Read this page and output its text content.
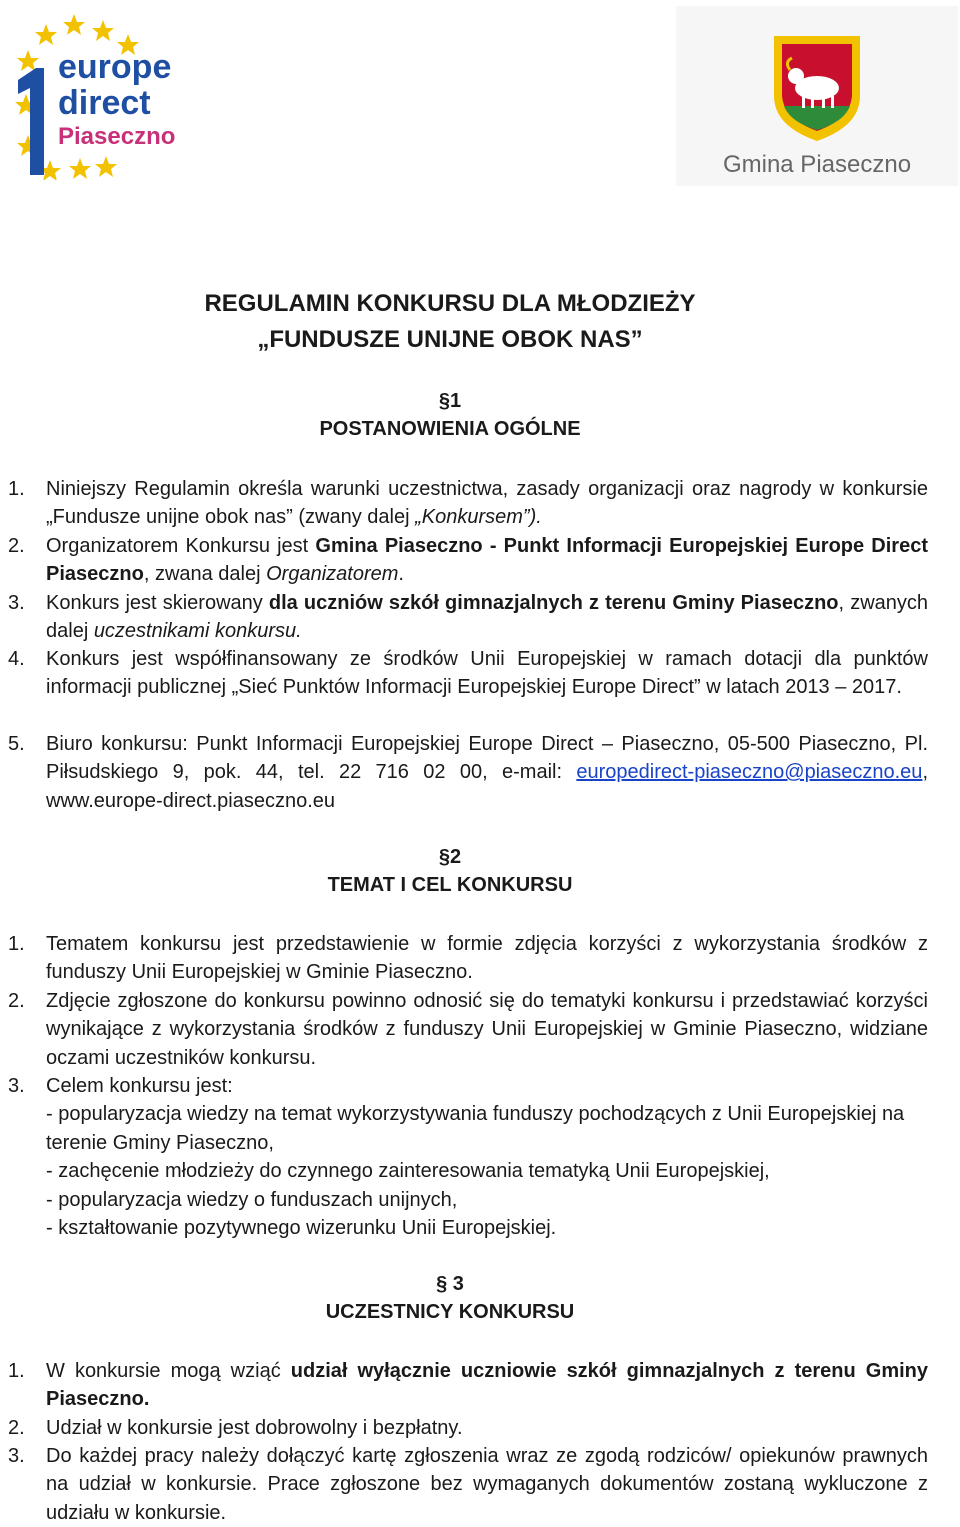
europe
direct
Piaseczno
Gmina Piaseczno
REGULAMIN KONKURSU DLA MŁODZIEŻY
„FUNDUSZE UNIJNE OBOK NAS”
§1
POSTANOWIENIA OGÓLNE
1.	Niniejszy Regulamin określa warunki uczestnictwa, zasady organizacji oraz nagrody w konkursie „Fundusze unijne obok nas” (zwany dalej „Konkursem”).
2.	Organizatorem Konkursu jest Gmina Piaseczno - Punkt Informacji Europejskiej Europe Direct Piaseczno, zwana dalej Organizatorem.
3.	Konkurs jest skierowany dla uczniów szkół gimnazjalnych z terenu Gminy Piaseczno, zwanych dalej uczestnikami konkursu.
4.	Konkurs jest współfinansowany ze środków Unii Europejskiej w ramach dotacji dla punktów informacji publicznej „Sieć Punktów Informacji Europejskiej Europe Direct” w latach 2013 – 2017.
5.	Biuro konkursu: Punkt Informacji Europejskiej Europe Direct – Piaseczno, 05-500 Piaseczno, Pl. Piłsudskiego 9, pok. 44, tel. 22 716 02 00, e-mail: europedirect-piaseczno@piaseczno.eu, www.europe-direct.piaseczno.eu
§2
TEMAT I CEL KONKURSU
1.	Tematem konkursu jest przedstawienie w formie zdjęcia korzyści z wykorzystania środków z funduszy Unii Europejskiej w Gminie Piaseczno.
2.	Zdjęcie zgłoszone do konkursu powinno odnosić się do tematyki konkursu i przedstawiać korzyści wynikające z wykorzystania środków z funduszy Unii Europejskiej w Gminie Piaseczno, widziane oczami uczestników konkursu.
3.	Celem konkursu jest:
- popularyzacja wiedzy na temat wykorzystywania funduszy pochodzących z Unii Europejskiej na terenie Gminy Piaseczno,
- zachęcenie młodzieży do czynnego zainteresowania tematyką Unii Europejskiej,
- popularyzacja wiedzy o funduszach unijnych,
- kształtowanie pozytywnego wizerunku Unii Europejskiej.
§ 3
UCZESTNICY KONKURSU
1.	W konkursie mogą wziąć udział wyłącznie uczniowie szkół gimnazjalnych z terenu Gminy Piaseczno.
2.	Udział w konkursie jest dobrowolny i bezpłatny.
3.	Do każdej pracy należy dołączyć kartę zgłoszenia wraz ze zgodą rodziców/ opiekunów prawnych na udział w konkursie. Prace zgłoszone bez wymaganych dokumentów zostaną wykluczone z udziału w konkursie.
